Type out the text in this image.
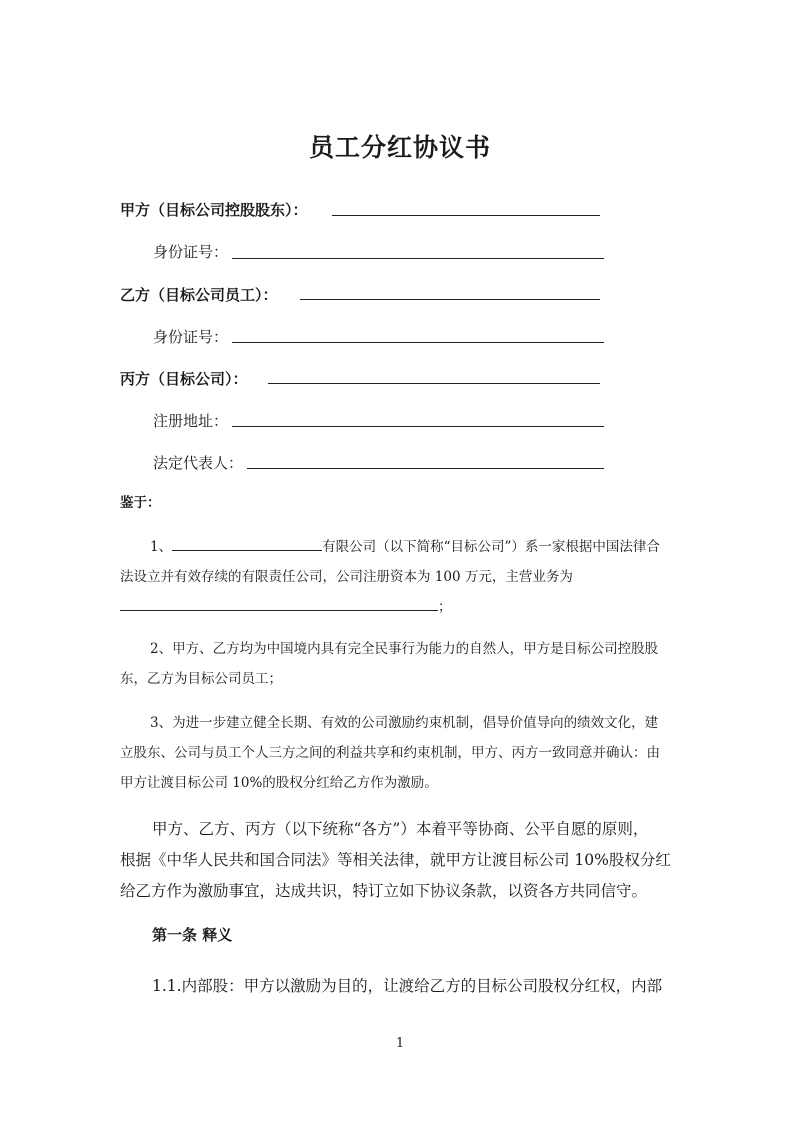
员工分红协议书
甲方（目标公司控股股东）：
身份证号：
乙方（目标公司员工）：
身份证号：
丙方（目标公司）：
注册地址：
法定代表人：
鉴于：
1、	有限公司（以下简称“目标公司”）系一家根据中国法律合
法设立并有效存续的有限责任公司，公司注册资本为 100 万元，主营业务为
；
2、甲方、乙方均为中国境内具有完全民事行为能力的自然人，甲方是目标公司控股股
东，乙方为目标公司员工；
3、为进一步建立健全长期、有效的公司激励约束机制，倡导价值导向的绩效文化，建
立股东、公司与员工个人三方之间的利益共享和约束机制，甲方、丙方一致同意并确认：由
甲方让渡目标公司 10%的股权分红给乙方作为激励。
甲方、乙方、丙方（以下统称“各方”）本着平等协商、公平自愿的原则，
根据《中华人民共和国合同法》等相关法律，就甲方让渡目标公司 10%股权分红
给乙方作为激励事宜，达成共识，特订立如下协议条款，以资各方共同信守。
第一条 释义
1.1.内部股：甲方以激励为目的，让渡给乙方的目标公司股权分红权，内部
1
